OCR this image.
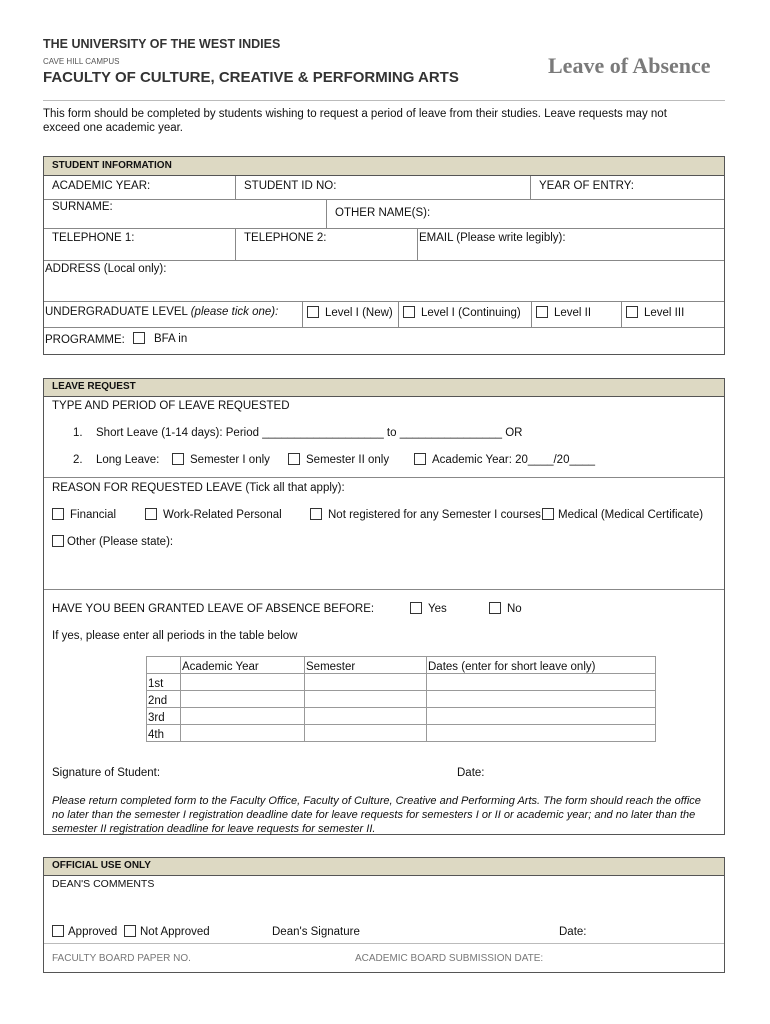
THE UNIVERSITY OF THE WEST INDIES
CAVE HILL CAMPUS
FACULTY OF CULTURE, CREATIVE & PERFORMING ARTS	Leave of Absence
This form should be completed by students wishing to request a period of leave from their studies. Leave requests may not exceed one academic year.
STUDENT INFORMATION
ACADEMIC YEAR:	STUDENT ID NO:	YEAR OF ENTRY:
SURNAME:	OTHER NAME(S):
TELEPHONE 1:	TELEPHONE 2:	EMAIL (Please write legibly):
ADDRESS (Local only):
UNDERGRADUATE LEVEL (please tick one):	Level I (New)	Level I (Continuing)	Level II	Level III
PROGRAMME:	BFA in
LEAVE REQUEST
TYPE AND PERIOD OF LEAVE REQUESTED
1. Short Leave (1-14 days): Period ___________________ to ________________ OR
2. Long Leave:	Semester I only	Semester II only	Academic Year: 20____/20____
REASON FOR REQUESTED LEAVE (Tick all that apply):
Financial	Work-Related Personal	Not registered for any Semester I courses	Medical (Medical Certificate)
Other (Please state):
HAVE YOU BEEN GRANTED LEAVE OF ABSENCE BEFORE:	Yes	No
If yes, please enter all periods in the table below
Signature of Student:	Date:
Please return completed form to the Faculty Office, Faculty of Culture, Creative and Performing Arts. The form should reach the office no later than the semester I registration deadline date for leave requests for semesters I or II or academic year; and no later than the semester II registration deadline for leave requests for semester II.
	Academic Year	Semester	Dates (enter for short leave only)
1st			
2nd			
3rd			
4th			
OFFICIAL USE ONLY
DEAN'S COMMENTS
Approved	Not Approved	Dean's Signature	Date:
FACULTY BOARD PAPER NO.	ACADEMIC BOARD SUBMISSION DATE:
